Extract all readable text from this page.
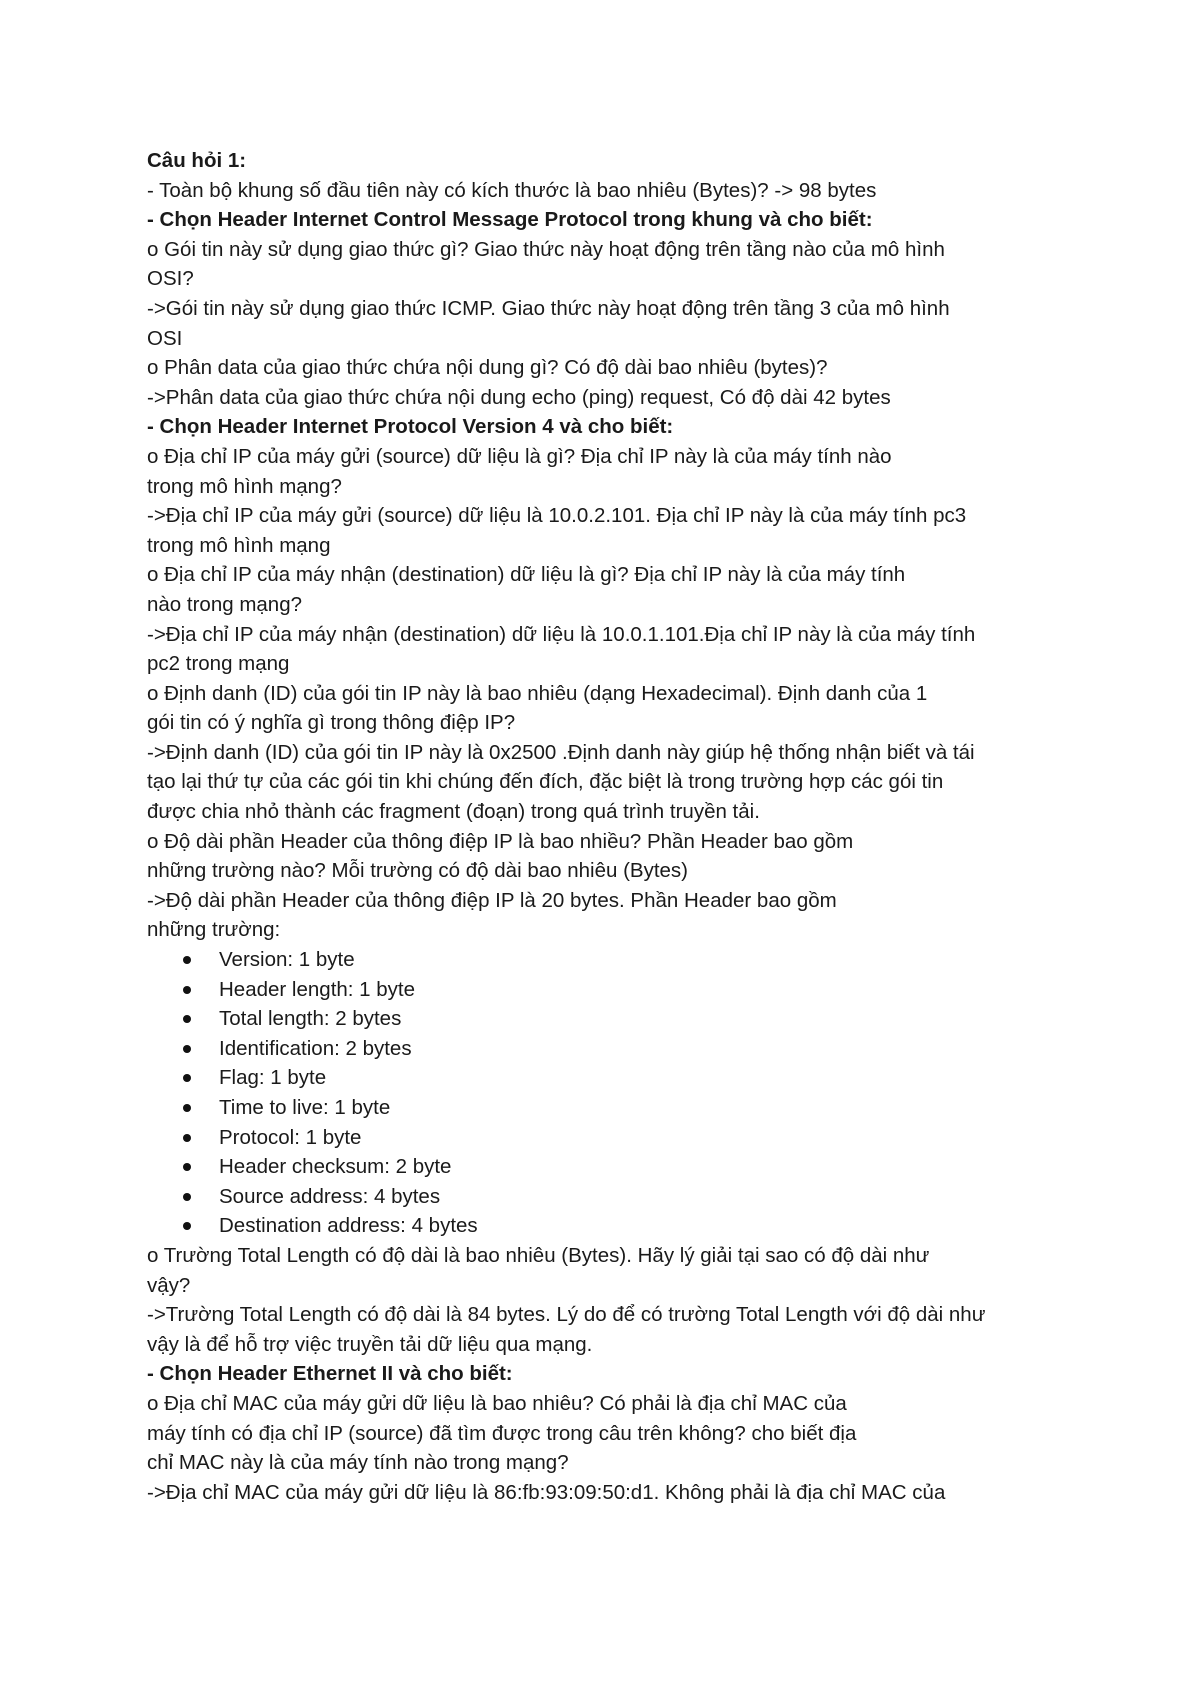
Câu hỏi 1:
- Toàn bộ khung số đầu tiên này có kích thước là bao nhiêu (Bytes)? -> 98 bytes
- Chọn Header Internet Control Message Protocol trong khung và cho biết:
o Gói tin này sử dụng giao thức gì? Giao thức này hoạt động trên tầng nào của mô hình
OSI?
->Gói tin này sử dụng giao thức ICMP. Giao thức này hoạt động trên tầng 3 của mô hình
OSI
o Phân data của giao thức chứa nội dung gì? Có độ dài bao nhiêu (bytes)?
->Phân data của giao thức chứa nội dung echo (ping) request, Có độ dài 42 bytes
- Chọn Header Internet Protocol Version 4 và cho biết:
o Địa chỉ IP của máy gửi (source) dữ liệu là gì? Địa chỉ IP này là của máy tính nào
trong mô hình mạng?
->Địa chỉ IP của máy gửi (source) dữ liệu là 10.0.2.101. Địa chỉ IP này là của máy tính pc3
trong mô hình mạng
o Địa chỉ IP của máy nhận (destination) dữ liệu là gì? Địa chỉ IP này là của máy tính
nào trong mạng?
->Địa chỉ IP của máy nhận (destination) dữ liệu là 10.0.1.101.Địa chỉ IP này là của máy tính
pc2 trong mạng
o Định danh (ID) của gói tin IP này là bao nhiêu (dạng Hexadecimal). Định danh của 1
gói tin có ý nghĩa gì trong thông điệp IP?
->Định danh (ID) của gói tin IP này là 0x2500 .Định danh này giúp hệ thống nhận biết và tái
tạo lại thứ tự của các gói tin khi chúng đến đích, đặc biệt là trong trường hợp các gói tin
được chia nhỏ thành các fragment (đoạn) trong quá trình truyền tải.
o Độ dài phần Header của thông điệp IP là bao nhiều? Phần Header bao gồm
những trường nào? Mỗi trường có độ dài bao nhiêu (Bytes)
->Độ dài phần Header của thông điệp IP là 20 bytes. Phần Header bao gồm
những trường:
Version: 1 byte
Header length: 1 byte
Total length: 2 bytes
Identification: 2 bytes
Flag: 1 byte
Time to live: 1 byte
Protocol: 1 byte
Header checksum: 2 byte
Source address: 4 bytes
Destination address: 4 bytes
o Trường Total Length có độ dài là bao nhiêu (Bytes). Hãy lý giải tại sao có độ dài như
vậy?
->Trường Total Length có độ dài là 84 bytes. Lý do để có trường Total Length với độ dài như
vậy là để hỗ trợ việc truyền tải dữ liệu qua mạng.
- Chọn Header Ethernet II và cho biết:
o Địa chỉ MAC của máy gửi dữ liệu là bao nhiêu? Có phải là địa chỉ MAC của
máy tính có địa chỉ IP (source) đã tìm được trong câu trên không? cho biết địa
chỉ MAC này là của máy tính nào trong mạng?
->Địa chỉ MAC của máy gửi dữ liệu là 86:fb:93:09:50:d1. Không phải là địa chỉ MAC của
